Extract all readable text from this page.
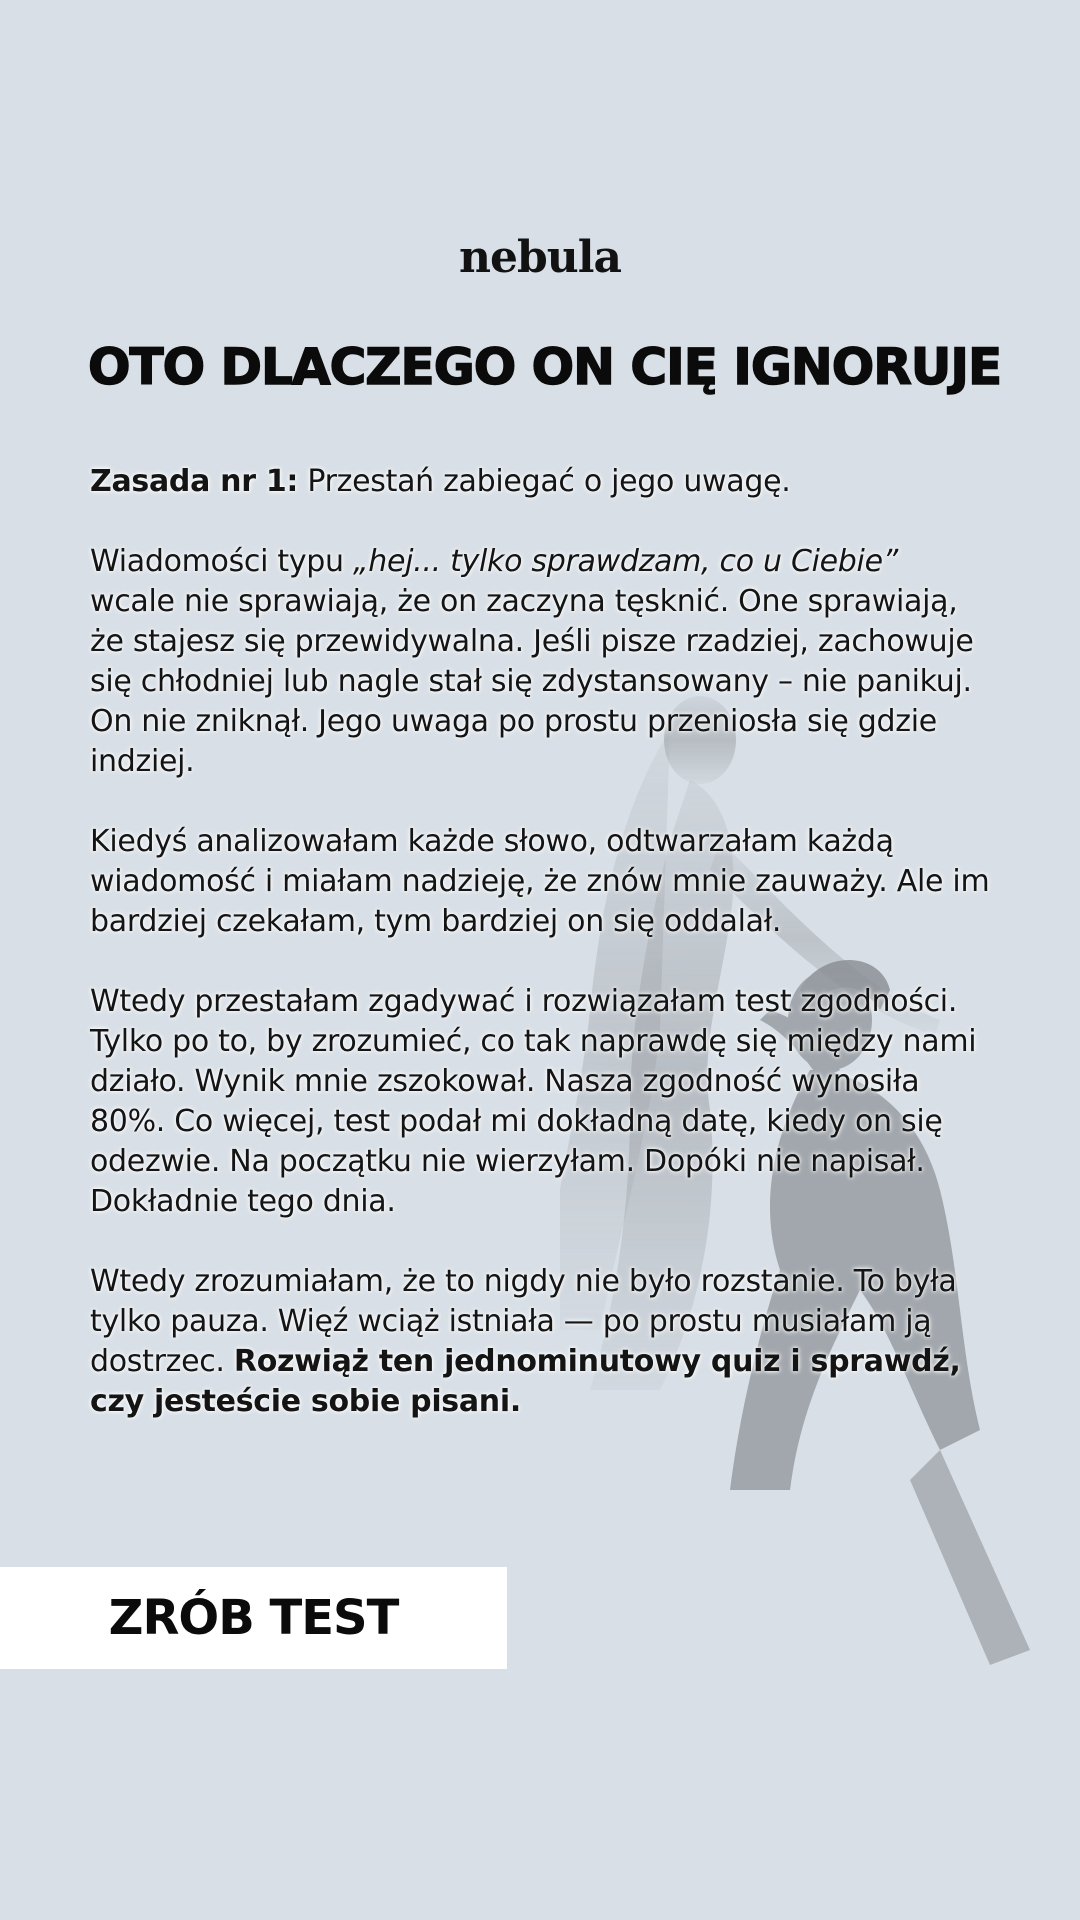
nebula
OTO DLACZEGO ON CIĘ IGNORUJE

Zasada nr 1: Przestań zabiegać o jego uwagę.

Wiadomości typu „hej... tylko sprawdzam, co u Ciebie” wcale nie sprawiają, że on zaczyna tęsknić. One sprawiają, że stajesz się przewidywalna. Jeśli pisze rzadziej, zachowuje się chłodniej lub nagle stał się zdystansowany – nie panikuj. On nie zniknął. Jego uwaga po prostu przeniosła się gdzie indziej.

Kiedyś analizowałam każde słowo, odtwarzałam każdą wiadomość i miałam nadzieję, że znów mnie zauważy. Ale im bardziej czekałam, tym bardziej on się oddalał.

Wtedy przestałam zgadywać i rozwiązałam test zgodności. Tylko po to, by zrozumieć, co tak naprawdę się między nami działo. Wynik mnie zszokował. Nasza zgodność wynosiła 80%. Co więcej, test podał mi dokładną datę, kiedy on się odezwie. Na początku nie wierzyłam. Dopóki nie napisał. Dokładnie tego dnia.

Wtedy zrozumiałam, że to nigdy nie było rozstanie. To była tylko pauza. Więź wciąż istniała — po prostu musiałam ją dostrzec. Rozwiąż ten jednominutowy quiz i sprawdź, czy jesteście sobie pisani.

ZRÓB TEST
